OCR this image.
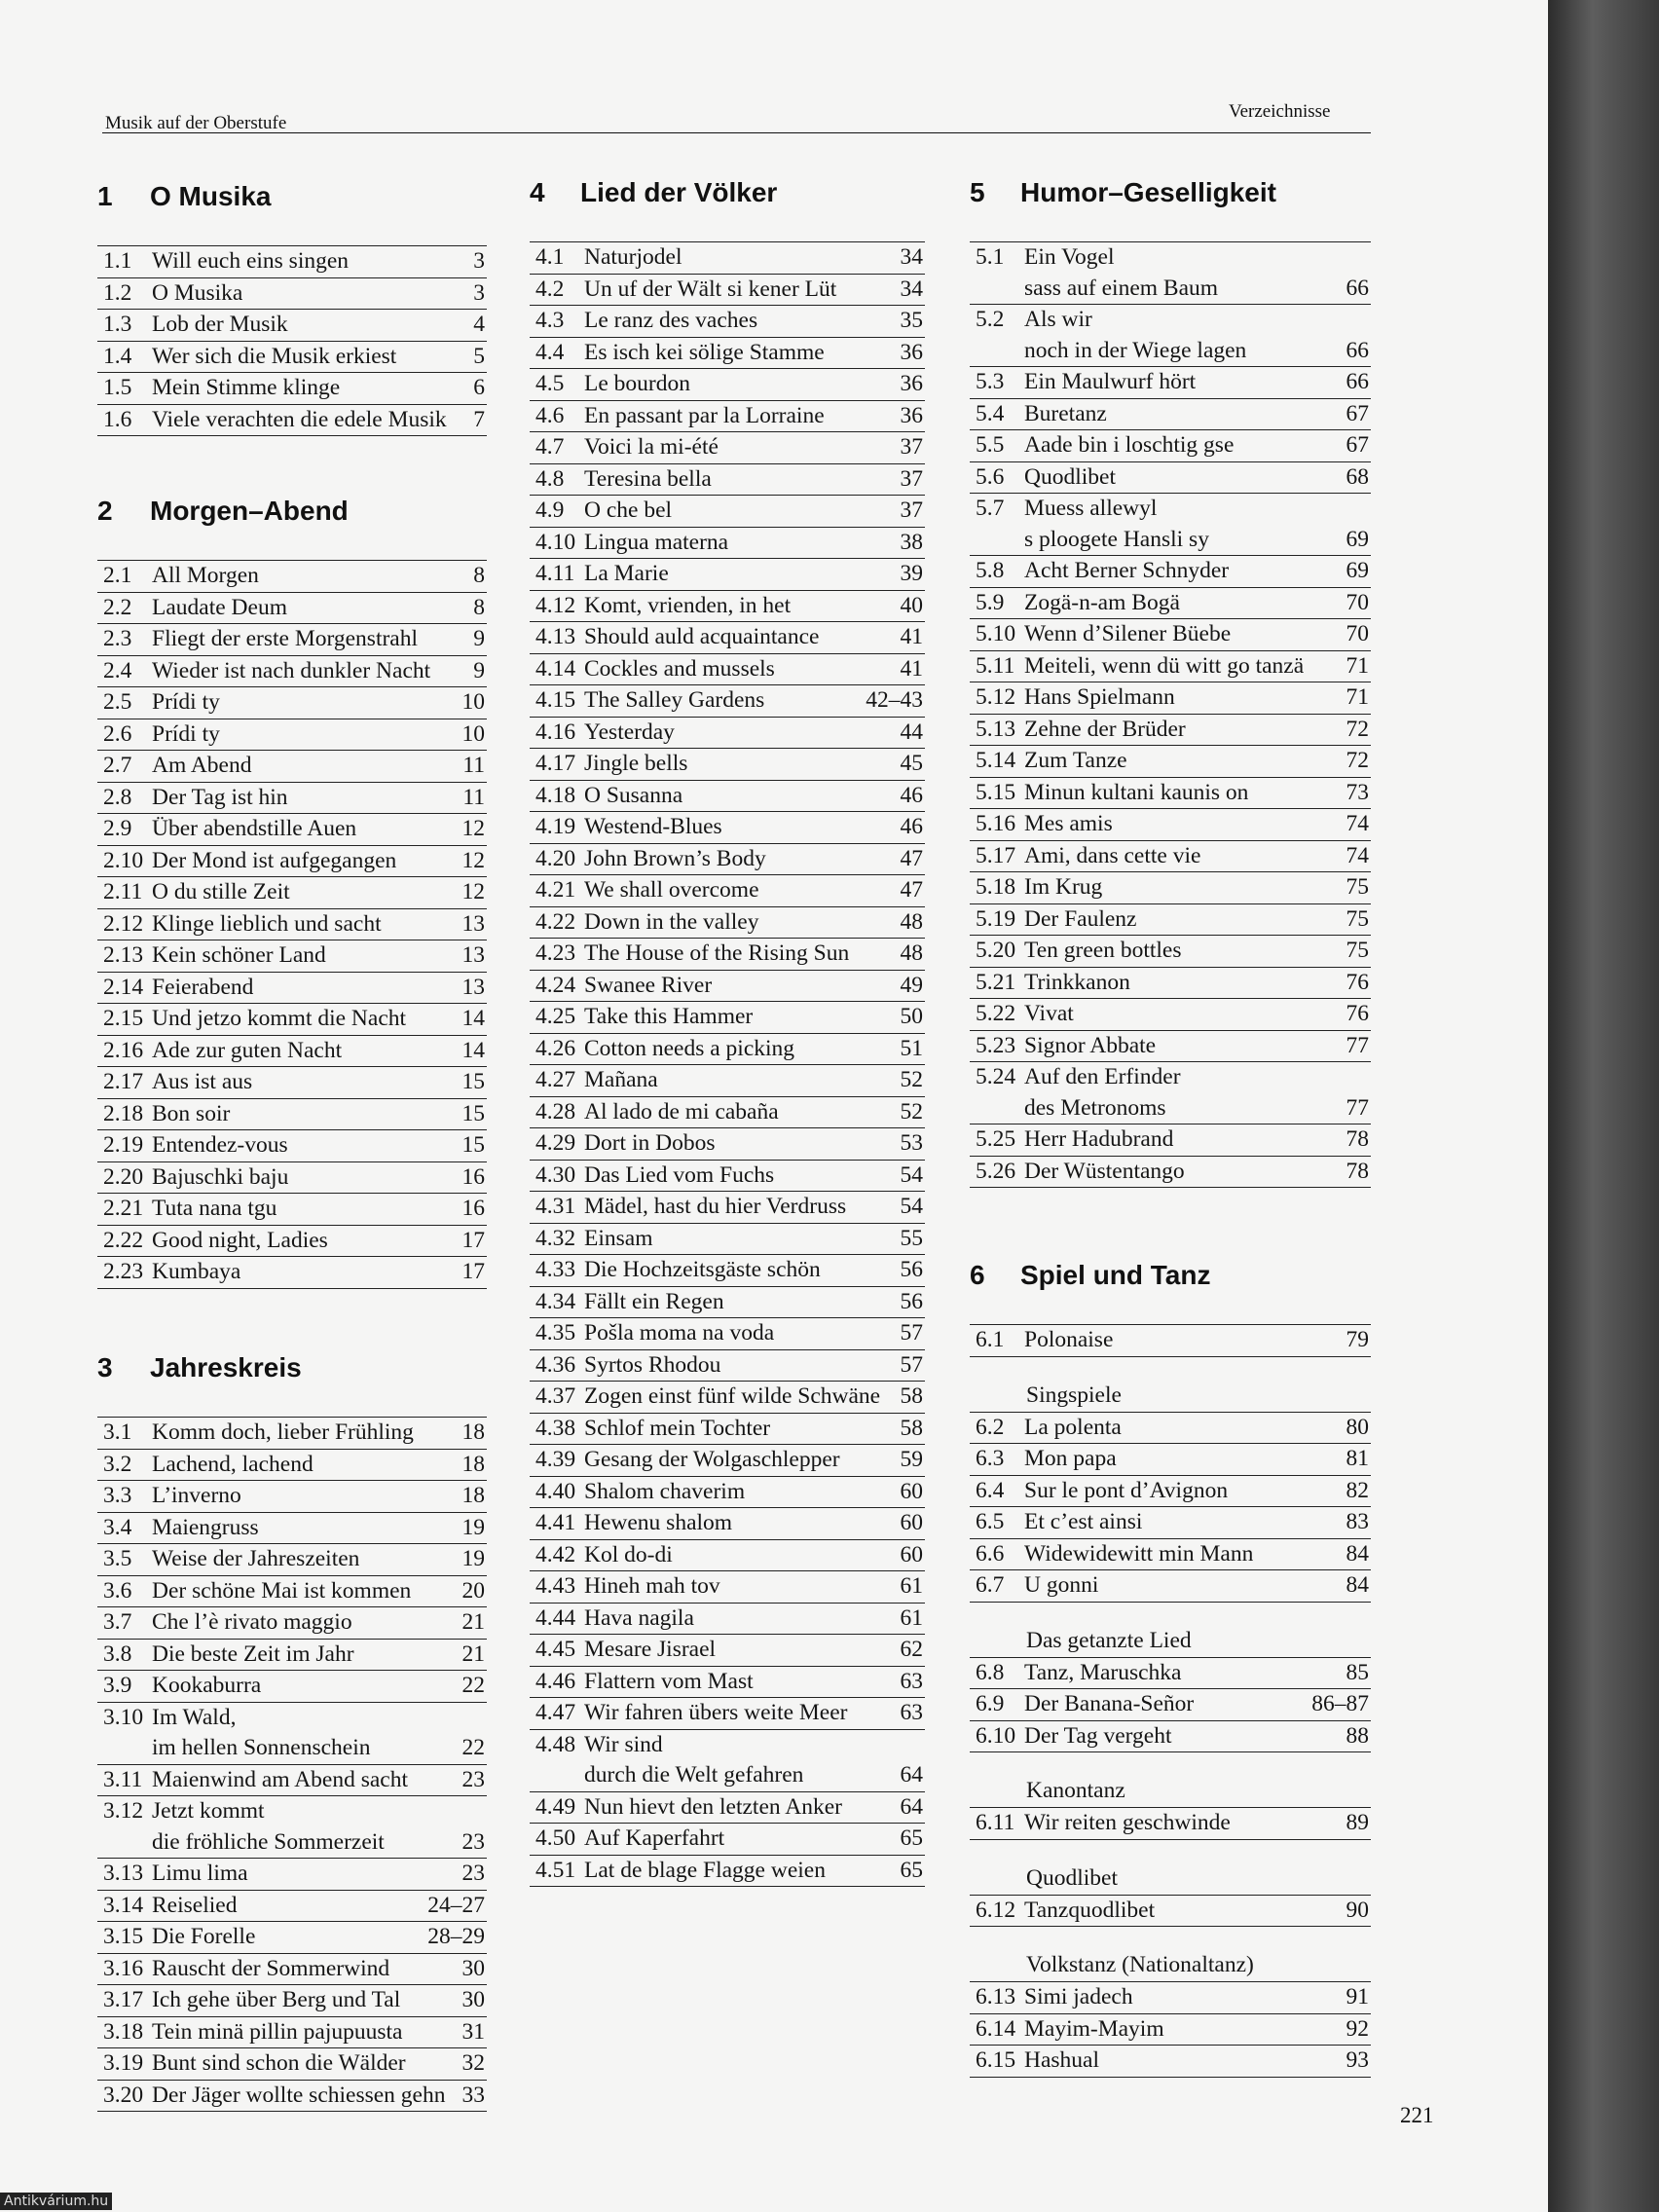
Musik auf der Oberstufe
Verzeichnisse
1 O Musika
1.1 Will euch eins singen	3
1.2 O Musika	3
1.3 Lob der Musik	4
1.4 Wer sich die Musik erkiest	5
1.5 Mein Stimme klinge	6
1.6 Viele verachten die edele Musik 7
2 Morgen–Abend
2.1 All Morgen	8
2.2 Laudate Deum	8
2.3 Fliegt der erste Morgenstrahl	9
2.4 Wieder ist nach dunkler Nacht	9
2.5 Prídi ty	10
2.6 Prídi ty	10
2.7 Am Abend	11
2.8 Der Tag ist hin	11
2.9 Über abendstille Auen	12
2.10 Der Mond ist aufgegangen	12
2.11 O du stille Zeit	12
2.12 Klinge lieblich und sacht	13
2.13 Kein schöner Land	13
2.14 Feierabend	13
2.15 Und jetzo kommt die Nacht	14
2.16 Ade zur guten Nacht	14
2.17 Aus ist aus	15
2.18 Bon soir	15
2.19 Entendez-vous	15
2.20 Bajuschki baju	16
2.21 Tuta nana tgu	16
2.22 Good night, Ladies	17
2.23 Kumbaya	17
3 Jahreskreis
3.1 Komm doch, lieber Frühling	18
3.2 Lachend, lachend	18
3.3 L’inverno	18
3.4 Maiengruss	19
3.5 Weise der Jahreszeiten	19
3.6 Der schöne Mai ist kommen	20
3.7 Che l’è rivato maggio	21
3.8 Die beste Zeit im Jahr	21
3.9 Kookaburra	22
3.10 Im Wald,
im hellen Sonnenschein	22
3.11 Maienwind am Abend sacht	23
3.12 Jetzt kommt
die fröhliche Sommerzeit	23
3.13 Limu lima	23
3.14 Reiselied	24–27
3.15 Die Forelle	28–29
3.16 Rauscht der Sommerwind	30
3.17 Ich gehe über Berg und Tal	30
3.18 Tein minä pillin pajupuusta	31
3.19 Bunt sind schon die Wälder	32
3.20 Der Jäger wollte schiessen gehn 33
4 Lied der Völker
4.1 Naturjodel	34
4.2 Un uf der Wält si kener Lüt	34
4.3 Le ranz des vaches	35
4.4 Es isch kei sölige Stamme	36
4.5 Le bourdon	36
4.6 En passant par la Lorraine	36
4.7 Voici la mi-été	37
4.8 Teresina bella	37
4.9 O che bel	37
4.10 Lingua materna	38
4.11 La Marie	39
4.12 Komt, vrienden, in het	40
4.13 Should auld acquaintance	41
4.14 Cockles and mussels	41
4.15 The Salley Gardens	42–43
4.16 Yesterday	44
4.17 Jingle bells	45
4.18 O Susanna	46
4.19 Westend-Blues	46
4.20 John Brown’s Body	47
4.21 We shall overcome	47
4.22 Down in the valley	48
4.23 The House of the Rising Sun	48
4.24 Swanee River	49
4.25 Take this Hammer	50
4.26 Cotton needs a picking	51
4.27 Mañana	52
4.28 Al lado de mi cabaña	52
4.29 Dort in Dobos	53
4.30 Das Lied vom Fuchs	54
4.31 Mädel, hast du hier Verdruss	54
4.32 Einsam	55
4.33 Die Hochzeitsgäste schön	56
4.34 Fällt ein Regen	56
4.35 Pošla moma na voda	57
4.36 Syrtos Rhodou	57
4.37 Zogen einst fünf wilde Schwäne 58
4.38 Schlof mein Tochter	58
4.39 Gesang der Wolgaschlepper	59
4.40 Shalom chaverim	60
4.41 Hewenu shalom	60
4.42 Kol do-di	60
4.43 Hineh mah tov	61
4.44 Hava nagila	61
4.45 Mesare Jisrael	62
4.46 Flattern vom Mast	63
4.47 Wir fahren übers weite Meer	63
4.48 Wir sind
durch die Welt gefahren	64
4.49 Nun hievt den letzten Anker	64
4.50 Auf Kaperfahrt	65
4.51 Lat de blage Flagge weien	65
5 Humor–Geselligkeit
5.1 Ein Vogel
sass auf einem Baum	66
5.2 Als wir
noch in der Wiege lagen	66
5.3 Ein Maulwurf hört	66
5.4 Buretanz	67
5.5 Aade bin i loschtig gse	67
5.6 Quodlibet	68
5.7 Muess allewyl
s ploogete Hansli sy	69
5.8 Acht Berner Schnyder	69
5.9 Zogä-n-am Bogä	70
5.10 Wenn d’Silener Büebe	70
5.11 Meiteli, wenn dü witt go tanzä	71
5.12 Hans Spielmann	71
5.13 Zehne der Brüder	72
5.14 Zum Tanze	72
5.15 Minun kultani kaunis on	73
5.16 Mes amis	74
5.17 Ami, dans cette vie	74
5.18 Im Krug	75
5.19 Der Faulenz	75
5.20 Ten green bottles	75
5.21 Trinkkanon	76
5.22 Vivat	76
5.23 Signor Abbate	77
5.24 Auf den Erfinder
des Metronoms	77
5.25 Herr Hadubrand	78
5.26 Der Wüstentango	78
6 Spiel und Tanz
6.1 Polonaise	79
Singspiele
6.2 La polenta	80
6.3 Mon papa	81
6.4 Sur le pont d’Avignon	82
6.5 Et c’est ainsi	83
6.6 Widewidewitt min Mann	84
6.7 U gonni	84
Das getanzte Lied
6.8 Tanz, Maruschka	85
6.9 Der Banana-Señor	86–87
6.10 Der Tag vergeht	88
Kanontanz
6.11 Wir reiten geschwinde	89
Quodlibet
6.12 Tanzquodlibet	90
Volkstanz (Nationaltanz)
6.13 Simi jadech	91
6.14 Mayim-Mayim	92
6.15 Hashual	93
221
Antikvárium.hu
